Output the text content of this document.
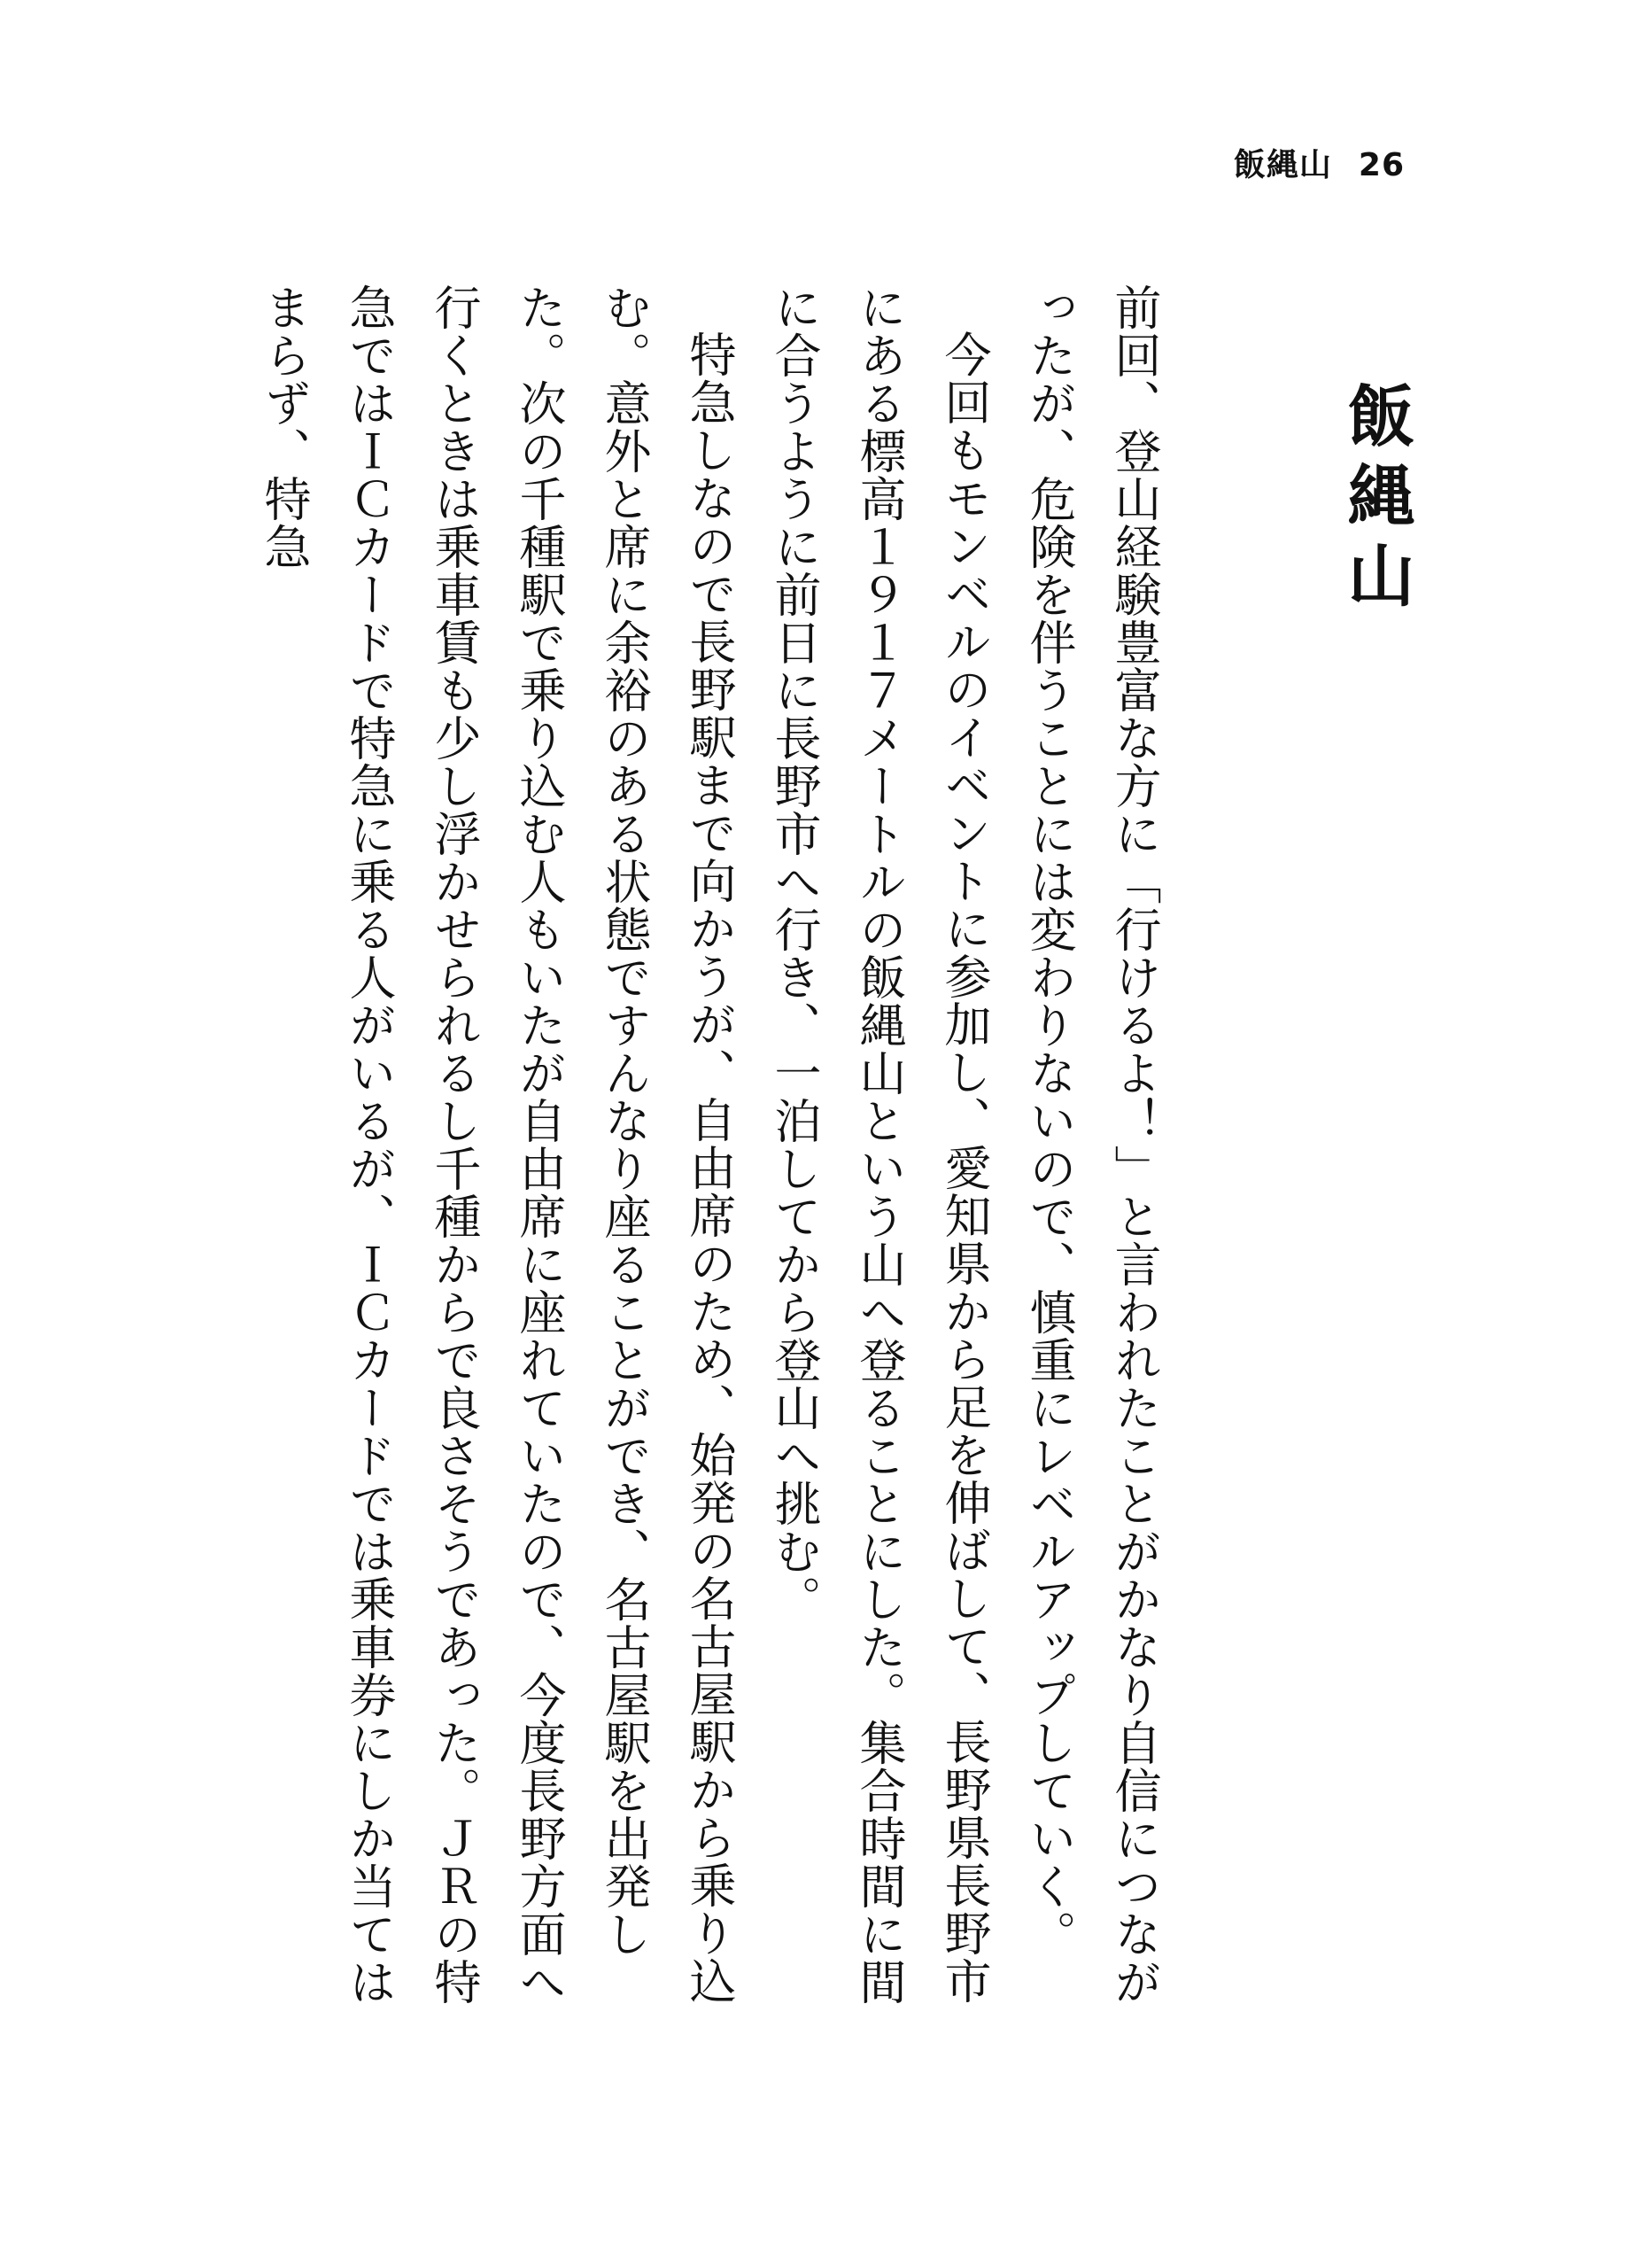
飯縄山 26
飯縄山

前回、登山経験豊富な方に「行けるよ！」と言われたことがかなり自信につながったが、危険を伴うことには変わりないので、慎重にレベルアップしていく。

今回もモンベルのイベントに参加し、愛知県から足を伸ばして、長野県長野市にある標高１９１７メートルの飯縄山という山へ登ることにした。集合時間に間に合うように前日に長野市へ行き、一泊してから登山へ挑む。

特急しなので長野駅まで向かうが、自由席のため、始発の名古屋駅から乗り込む。意外と席に余裕のある状態ですんなり座ることができ、名古屋駅を出発した。次の千種駅で乗り込む人もいたが自由席に座れていたので、今度長野方面へ行くときは乗車賃も少し浮かせられるし千種からで良さそうであった。ＪＲの特急ではＩＣカードで特急に乗る人がいるが、ＩＣカードでは乗車券にしか当てはまらず、特急
